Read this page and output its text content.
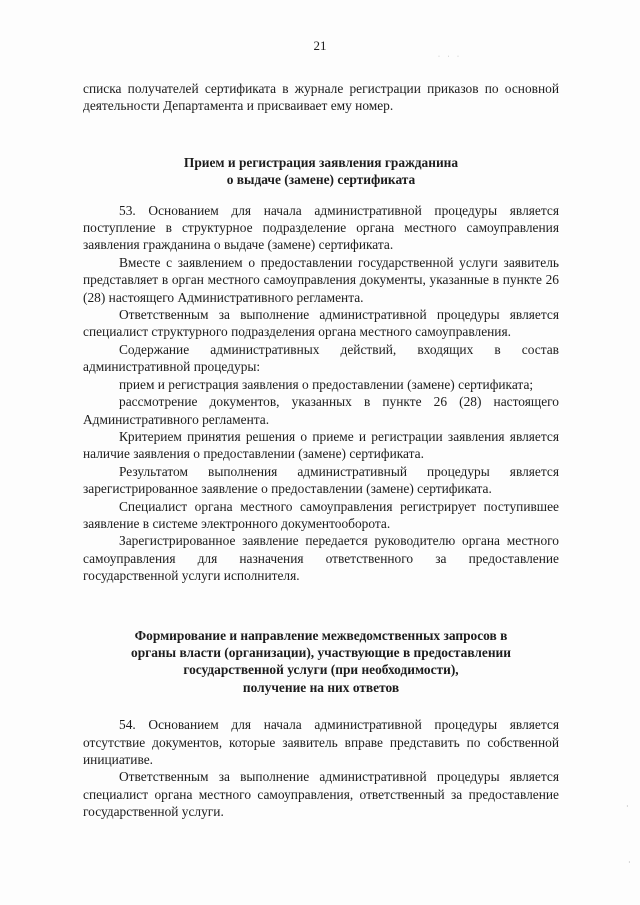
21
· · ·
·
·

списка получателей сертификата в журнале регистрации приказов по основной деятельности Департамента и присваивает ему номер.

Прием и регистрация заявления гражданина
о выдаче (замене) сертификата

53. Основанием для начала административной процедуры является поступление в структурное подразделение органа местного самоуправления заявления гражданина о выдаче (замене) сертификата.

Вместе с заявлением о предоставлении государственной услуги заявитель представляет в орган местного самоуправления документы, указанные в пункте 26 (28) настоящего Административного регламента.

Ответственным за выполнение административной процедуры является специалист структурного подразделения органа местного самоуправления.

Содержание административных действий, входящих в состав административной процедуры:

прием и регистрация заявления о предоставлении (замене) сертификата;

рассмотрение документов, указанных в пункте 26 (28) настоящего Административного регламента.

Критерием принятия решения о приеме и регистрации заявления является наличие заявления о предоставлении (замене) сертификата.

Результатом выполнения административный процедуры является зарегистрированное заявление о предоставлении (замене) сертификата.

Специалист органа местного самоуправления регистрирует поступившее заявление в системе электронного документооборота.

Зарегистрированное заявление передается руководителю органа местного самоуправления для назначения ответственного за предоставление государственной услуги исполнителя.

Формирование и направление межведомственных запросов в
органы власти (организации), участвующие в предоставлении
государственной услуги (при необходимости),
получение на них ответов

54. Основанием для начала административной процедуры является отсутствие документов, которые заявитель вправе представить по собственной инициативе.

Ответственным за выполнение административной процедуры является специалист органа местного самоуправления, ответственный за предоставление государственной услуги.
